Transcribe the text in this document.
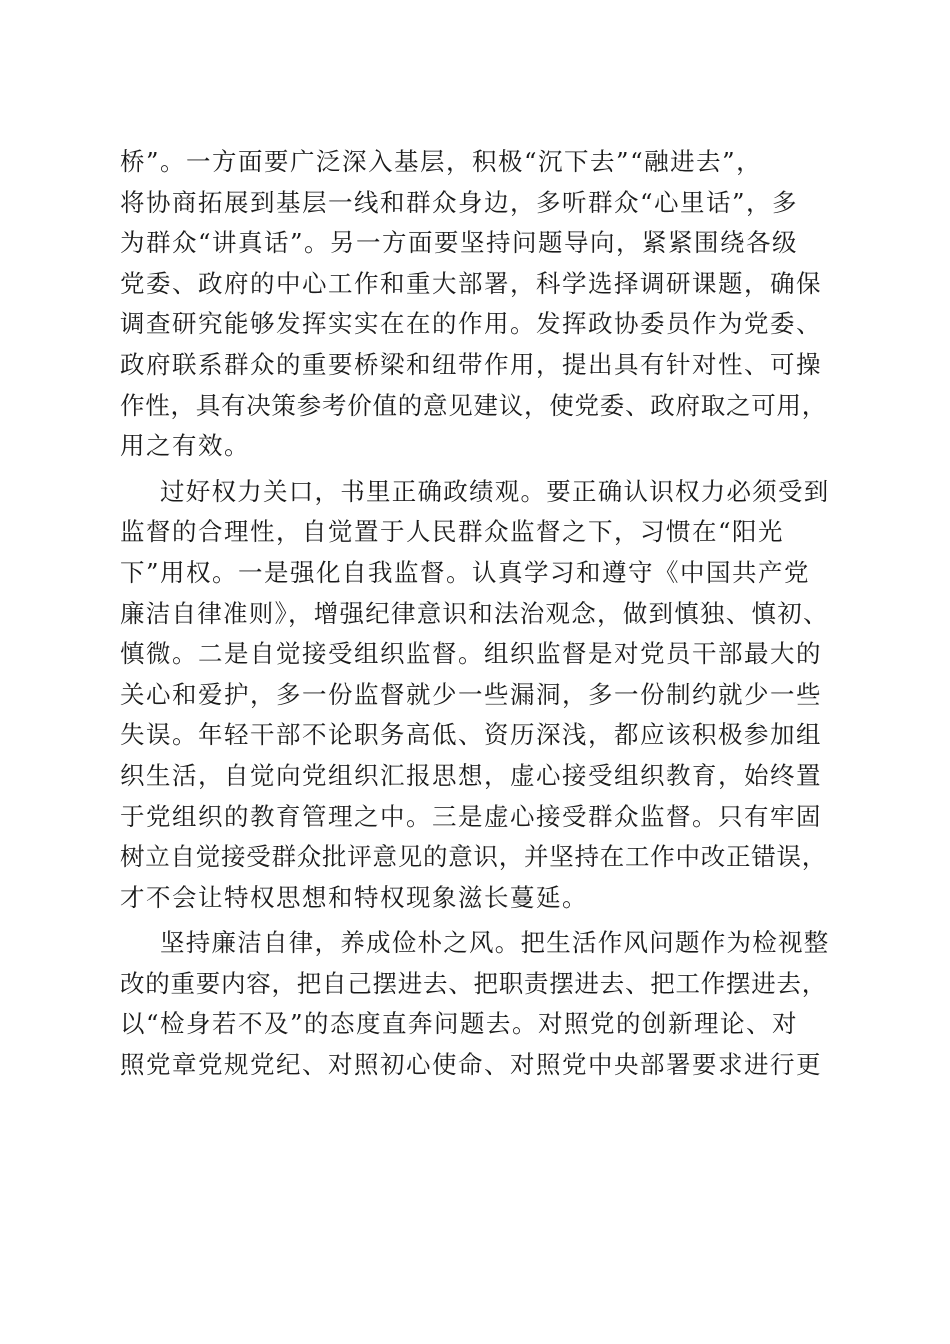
桥”。一方面要广泛深入基层，积极“沉下去”“融进去”，
将协商拓展到基层一线和群众身边，多听群众“心里话”，多
为群众“讲真话”。另一方面要坚持问题导向，紧紧围绕各级
党委、政府的中心工作和重大部署，科学选择调研课题，确保
调查研究能够发挥实实在在的作用。发挥政协委员作为党委、
政府联系群众的重要桥梁和纽带作用，提出具有针对性、可操
作性，具有决策参考价值的意见建议，使党委、政府取之可用，
用之有效。
过好权力关口，书里正确政绩观。要正确认识权力必须受到
监督的合理性，自觉置于人民群众监督之下，习惯在“阳光
下”用权。一是强化自我监督。认真学习和遵守《中国共产党
廉洁自律准则》，增强纪律意识和法治观念，做到慎独、慎初、
慎微。二是自觉接受组织监督。组织监督是对党员干部最大的
关心和爱护，多一份监督就少一些漏洞，多一份制约就少一些
失误。年轻干部不论职务高低、资历深浅，都应该积极参加组
织生活，自觉向党组织汇报思想，虚心接受组织教育，始终置
于党组织的教育管理之中。三是虚心接受群众监督。只有牢固
树立自觉接受群众批评意见的意识，并坚持在工作中改正错误，
才不会让特权思想和特权现象滋长蔓延。
坚持廉洁自律，养成俭朴之风。把生活作风问题作为检视整
改的重要内容，把自己摆进去、把职责摆进去、把工作摆进去，
以“检身若不及”的态度直奔问题去。对照党的创新理论、对
照党章党规党纪、对照初心使命、对照党中央部署要求进行更
